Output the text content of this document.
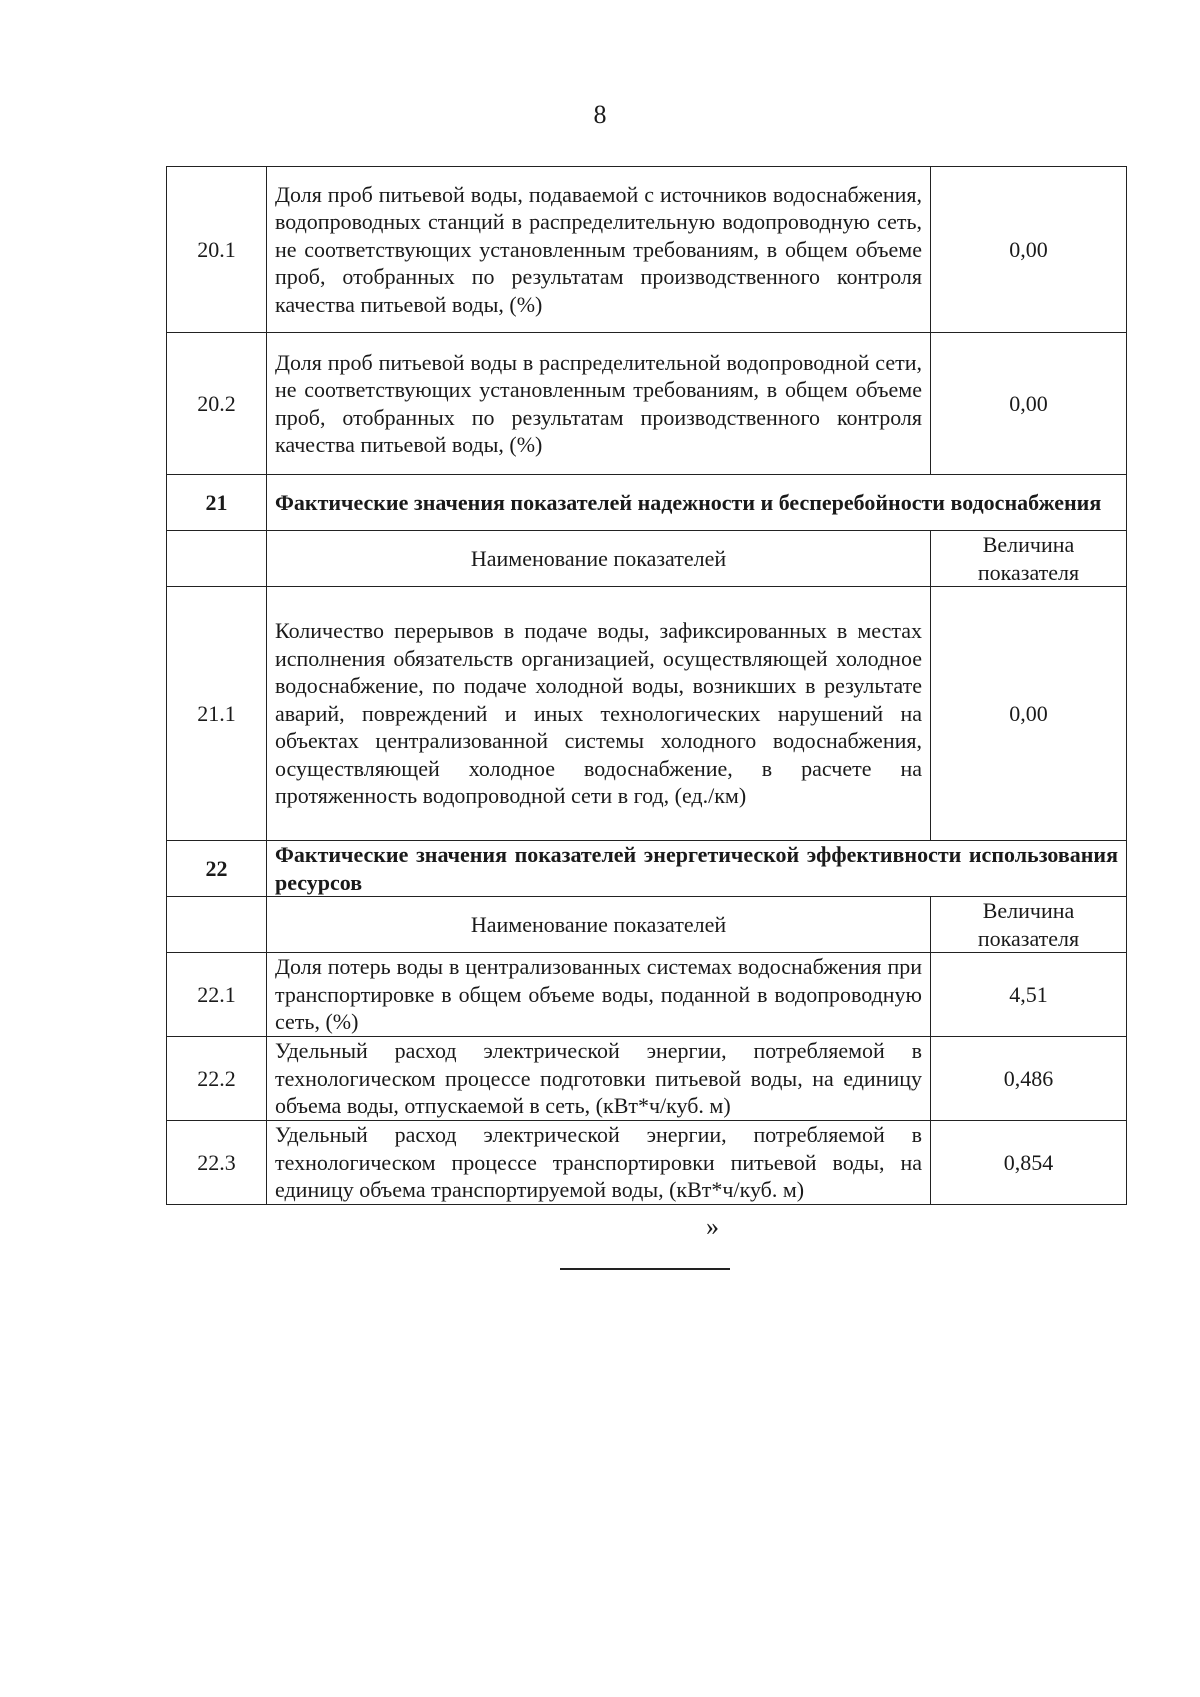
8
20.1	Доля проб питьевой воды, подаваемой с источников водоснабжения, водопроводных станций в распределительную водопроводную сеть, не соответствующих установленным требованиям, в общем объеме проб, отобранных по результатам производственного контроля качества питьевой воды, (%)	0,00
20.2	Доля проб питьевой воды в распределительной водопроводной сети, не соответствующих установленным требованиям, в общем объеме проб, отобранных по результатам производственного контроля качества питьевой воды, (%)	0,00
21	Фактические значения показателей надежности и бесперебойности водоснабжения	
	Наименование показателей	Величина показателя
21.1	Количество перерывов в подаче воды, зафиксированных в местах исполнения обязательств организацией, осуществляющей холодное водоснабжение, по подаче холодной воды, возникших в результате аварий, повреждений и иных технологических нарушений на объектах централизованной системы холодного водоснабжения, осуществляющей холодное водоснабжение, в расчете на протяженность водопроводной сети в год, (ед./км)	0,00
22	Фактические значения показателей энергетической эффективности использования ресурсов	
	Наименование показателей	Величина показателя
22.1	Доля потерь воды в централизованных системах водоснабжения при транспортировке в общем объеме воды, поданной в водопроводную сеть, (%)	4,51
22.2	Удельный расход электрической энергии, потребляемой в технологическом процессе подготовки питьевой воды, на единицу объема воды, отпускаемой в сеть, (кВт*ч/куб. м)	0,486
22.3	Удельный расход электрической энергии, потребляемой в технологическом процессе транспортировки питьевой воды, на единицу объема транспортируемой воды, (кВт*ч/куб. м)	0,854
»
